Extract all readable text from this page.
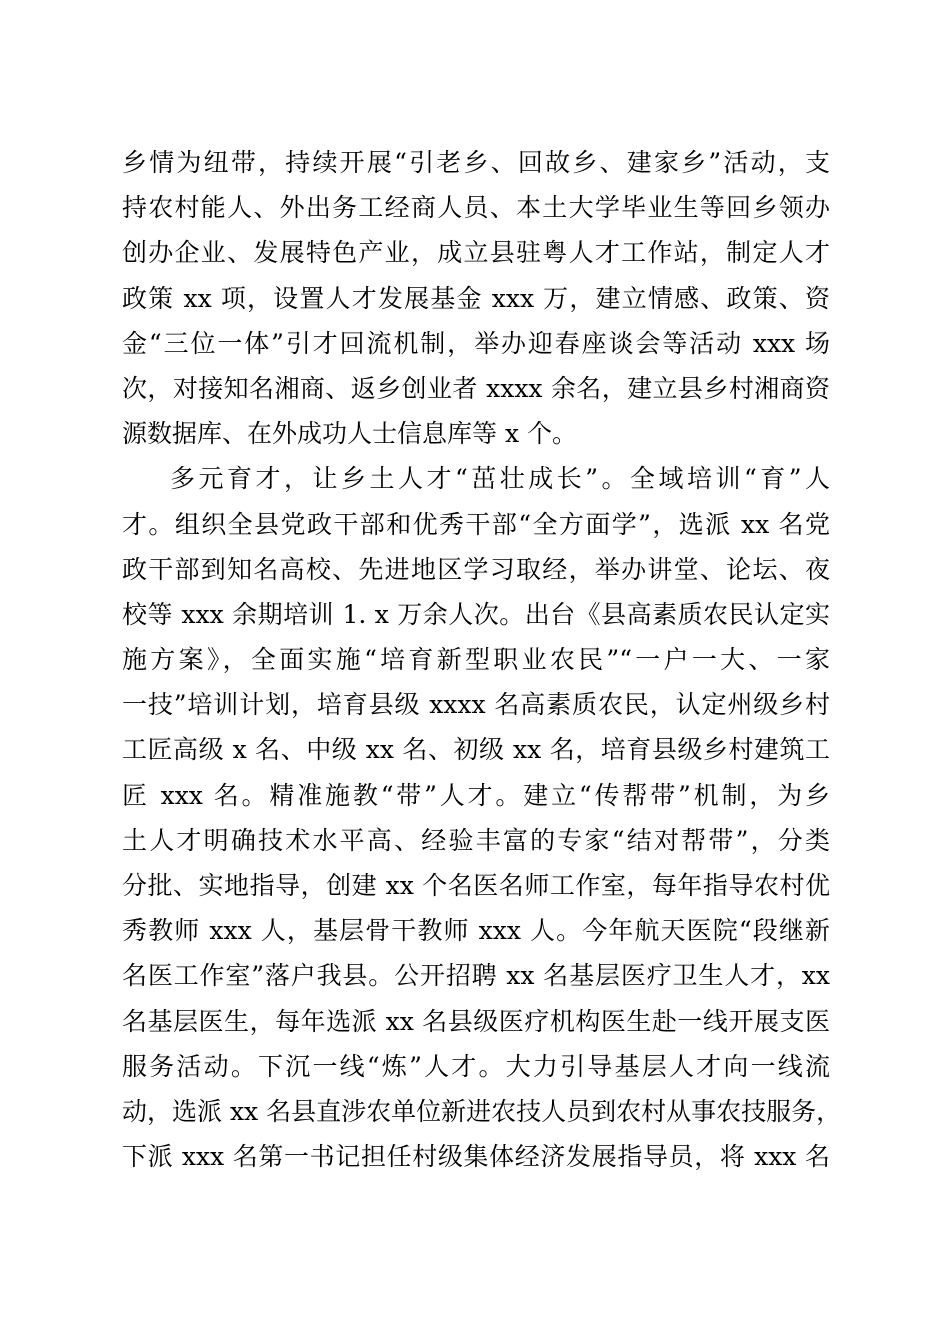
乡情为纽带，持续开展“引老乡、回故乡、建家乡”活动，支
持农村能人、外出务工经商人员、本土大学毕业生等回乡领办
创办企业、发展特色产业，成立县驻粤人才工作站，制定人才
政策 xx 项，设置人才发展基金 xxx 万，建立情感、政策、资
金“三位一体”引才回流机制，举办迎春座谈会等活动 xxx 场
次，对接知名湘商、返乡创业者 xxxx 余名，建立县乡村湘商资
源数据库、在外成功人士信息库等 x 个。
多元育才，让乡土人才“茁壮成长”。全域培训“育”人
才。组织全县党政干部和优秀干部“全方面学”，选派 xx 名党
政干部到知名高校、先进地区学习取经，举办讲堂、论坛、夜
校等 xxx 余期培训 1. x 万余人次。出台《县高素质农民认定实
施方案》，全面实施“培育新型职业农民”“一户一大、一家
一技”培训计划，培育县级 xxxx 名高素质农民，认定州级乡村
工匠高级 x 名、中级 xx 名、初级 xx 名，培育县级乡村建筑工
匠 xxx 名。精准施教“带”人才。建立“传帮带”机制，为乡
土人才明确技术水平高、经验丰富的专家“结对帮带”，分类
分批、实地指导，创建 xx 个名医名师工作室，每年指导农村优
秀教师 xxx 人，基层骨干教师 xxx 人。今年航天医院“段继新
名医工作室”落户我县。公开招聘 xx 名基层医疗卫生人才，xx
名基层医生，每年选派 xx 名县级医疗机构医生赴一线开展支医
服务活动。下沉一线“炼”人才。大力引导基层人才向一线流
动，选派 xx 名县直涉农单位新进农技人员到农村从事农技服务，
下派 xxx 名第一书记担任村级集体经济发展指导员，将 xxx 名
